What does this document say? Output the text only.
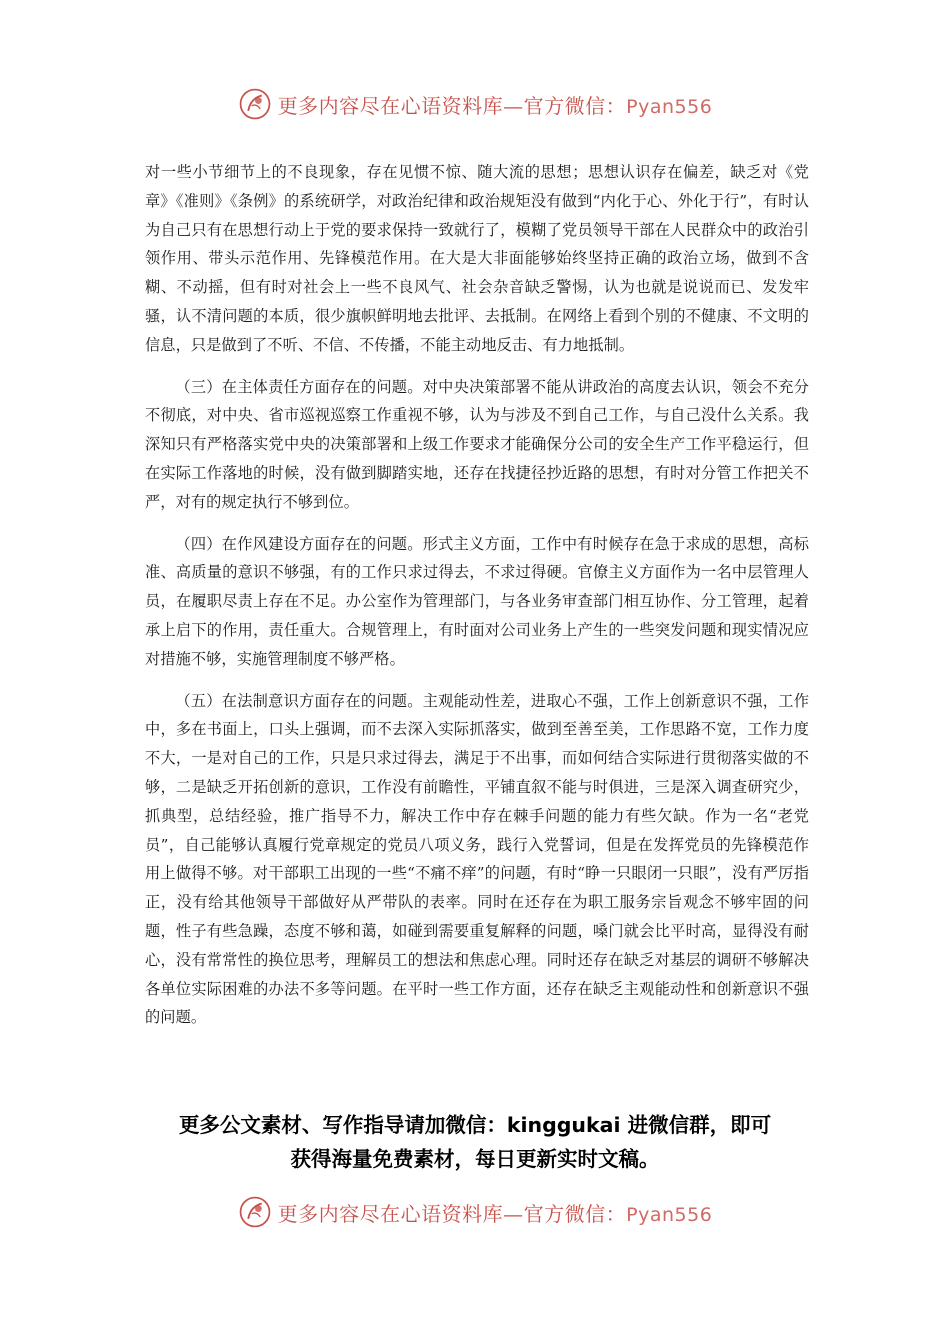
更多内容尽在心语资料库—官方微信：Pyan556

对一些小节细节上的不良现象，存在见惯不惊、随大流的思想；思想认识存在偏差，缺乏对《党章》《准则》《条例》的系统研学，对政治纪律和政治规矩没有做到“内化于心、外化于行”，有时认为自己只有在思想行动上于党的要求保持一致就行了，模糊了党员领导干部在人民群众中的政治引领作用、带头示范作用、先锋模范作用。在大是大非面能够始终坚持正确的政治立场，做到不含糊、不动摇，但有时对社会上一些不良风气、社会杂音缺乏警惕，认为也就是说说而已、发发牢骚，认不清问题的本质，很少旗帜鲜明地去批评、去抵制。在网络上看到个别的不健康、不文明的信息，只是做到了不听、不信、不传播，不能主动地反击、有力地抵制。

（三）在主体责任方面存在的问题。对中央决策部署不能从讲政治的高度去认识，领会不充分不彻底，对中央、省市巡视巡察工作重视不够，认为与涉及不到自己工作，与自己没什么关系。我深知只有严格落实党中央的决策部署和上级工作要求才能确保分公司的安全生产工作平稳运行，但在实际工作落地的时候，没有做到脚踏实地，还存在找捷径抄近路的思想，有时对分管工作把关不严，对有的规定执行不够到位。

（四）在作风建设方面存在的问题。形式主义方面，工作中有时候存在急于求成的思想，高标准、高质量的意识不够强，有的工作只求过得去，不求过得硬。官僚主义方面作为一名中层管理人员，在履职尽责上存在不足。办公室作为管理部门，与各业务审查部门相互协作、分工管理，起着承上启下的作用，责任重大。合规管理上，有时面对公司业务上产生的一些突发问题和现实情况应对措施不够，实施管理制度不够严格。

（五）在法制意识方面存在的问题。主观能动性差，进取心不强，工作上创新意识不强，工作中，多在书面上，口头上强调，而不去深入实际抓落实，做到至善至美，工作思路不宽，工作力度不大，一是对自己的工作，只是只求过得去，满足于不出事，而如何结合实际进行贯彻落实做的不够，二是缺乏开拓创新的意识，工作没有前瞻性，平铺直叙不能与时俱进，三是深入调查研究少，抓典型，总结经验，推广指导不力，解决工作中存在棘手问题的能力有些欠缺。作为一名“老党员”，自己能够认真履行党章规定的党员八项义务，践行入党誓词，但是在发挥党员的先锋模范作用上做得不够。对干部职工出现的一些“不痛不痒”的问题，有时“睁一只眼闭一只眼”，没有严厉指正，没有给其他领导干部做好从严带队的表率。同时在还存在为职工服务宗旨观念不够牢固的问题，性子有些急躁，态度不够和蔼，如碰到需要重复解释的问题，嗓门就会比平时高，显得没有耐心，没有常常性的换位思考，理解员工的想法和焦虑心理。同时还存在缺乏对基层的调研不够解决各单位实际困难的办法不多等问题。在平时一些工作方面，还存在缺乏主观能动性和创新意识不强的问题。

更多公文素材、写作指导请加微信：kinggukai 进微信群，即可
获得海量免费素材，每日更新实时文稿。
更多内容尽在心语资料库—官方微信：Pyan556
